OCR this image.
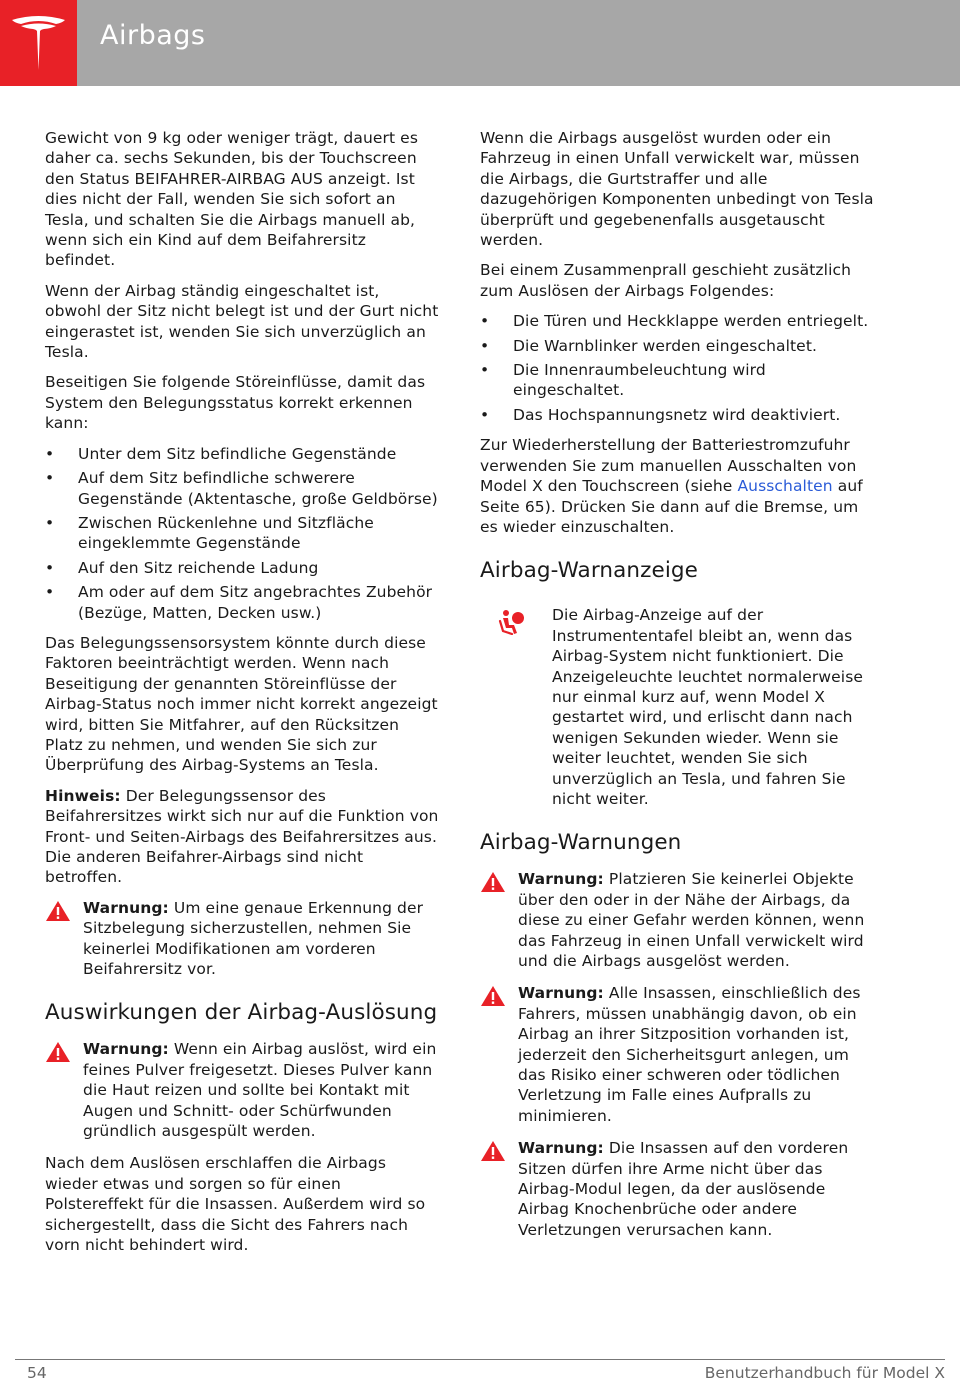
Airbags

Gewicht von 9 kg oder weniger trägt, dauert es daher ca. sechs Sekunden, bis der Touchscreen den Status BEIFAHRER-AIRBAG AUS anzeigt. Ist dies nicht der Fall, wenden Sie sich sofort an Tesla, und schalten Sie die Airbags manuell ab, wenn sich ein Kind auf dem Beifahrersitz befindet.

Wenn der Airbag ständig eingeschaltet ist, obwohl der Sitz nicht belegt ist und der Gurt nicht eingerastet ist, wenden Sie sich unverzüglich an Tesla.

Beseitigen Sie folgende Störeinflüsse, damit das System den Belegungsstatus korrekt erkennen kann:

• Unter dem Sitz befindliche Gegenstände
• Auf dem Sitz befindliche schwerere Gegenstände (Aktentasche, große Geldbörse)
• Zwischen Rückenlehne und Sitzfläche eingeklemmte Gegenstände
• Auf den Sitz reichende Ladung
• Am oder auf dem Sitz angebrachtes Zubehör (Bezüge, Matten, Decken usw.)

Das Belegungssensorsystem könnte durch diese Faktoren beeinträchtigt werden. Wenn nach Beseitigung der genannten Störeinflüsse der Airbag-Status noch immer nicht korrekt angezeigt wird, bitten Sie Mitfahrer, auf den Rücksitzen Platz zu nehmen, und wenden Sie sich zur Überprüfung des Airbag-Systems an Tesla.

Hinweis: Der Belegungssensor des Beifahrersitzes wirkt sich nur auf die Funktion von Front- und Seiten-Airbags des Beifahrersitzes aus. Die anderen Beifahrer-Airbags sind nicht betroffen.

Warnung: Um eine genaue Erkennung der Sitzbelegung sicherzustellen, nehmen Sie keinerlei Modifikationen am vorderen Beifahrersitz vor.
Auswirkungen der Airbag-Auslösung
Warnung: Wenn ein Airbag auslöst, wird ein feines Pulver freigesetzt. Dieses Pulver kann die Haut reizen und sollte bei Kontakt mit Augen und Schnitt- oder Schürfwunden gründlich ausgespült werden.

Nach dem Auslösen erschlaffen die Airbags wieder etwas und sorgen so für einen Polstereffekt für die Insassen. Außerdem wird so sichergestellt, dass die Sicht des Fahrers nach vorn nicht behindert wird.

Wenn die Airbags ausgelöst wurden oder ein Fahrzeug in einen Unfall verwickelt war, müssen die Airbags, die Gurtstraffer und alle dazugehörigen Komponenten unbedingt von Tesla überprüft und gegebenenfalls ausgetauscht werden.

Bei einem Zusammenprall geschieht zusätzlich zum Auslösen der Airbags Folgendes:

• Die Türen und Heckklappe werden entriegelt.
• Die Warnblinker werden eingeschaltet.
• Die Innenraumbeleuchtung wird eingeschaltet.
• Das Hochspannungsnetz wird deaktiviert.

Zur Wiederherstellung der Batteriestromzufuhr verwenden Sie zum manuellen Ausschalten von Model X den Touchscreen (siehe Ausschalten auf Seite 65). Drücken Sie dann auf die Bremse, um es wieder einzuschalten.

Airbag-Warnanzeige
Die Airbag-Anzeige auf der Instrumententafel bleibt an, wenn das Airbag-System nicht funktioniert. Die Anzeigeleuchte leuchtet normalerweise nur einmal kurz auf, wenn Model X gestartet wird, und erlischt dann nach wenigen Sekunden wieder. Wenn sie weiter leuchtet, wenden Sie sich unverzüglich an Tesla, und fahren Sie nicht weiter.
Airbag-Warnungen
Warnung: Platzieren Sie keinerlei Objekte über den oder in der Nähe der Airbags, da diese zu einer Gefahr werden können, wenn das Fahrzeug in einen Unfall verwickelt wird und die Airbags ausgelöst werden.
Warnung: Alle Insassen, einschließlich des Fahrers, müssen unabhängig davon, ob ein Airbag an ihrer Sitzposition vorhanden ist, jederzeit den Sicherheitsgurt anlegen, um das Risiko einer schweren oder tödlichen Verletzung im Falle eines Aufpralls zu minimieren.
Warnung: Die Insassen auf den vorderen Sitzen dürfen ihre Arme nicht über das Airbag-Modul legen, da der auslösende Airbag Knochenbrüche oder andere Verletzungen verursachen kann.
54	Benutzerhandbuch für Model X
